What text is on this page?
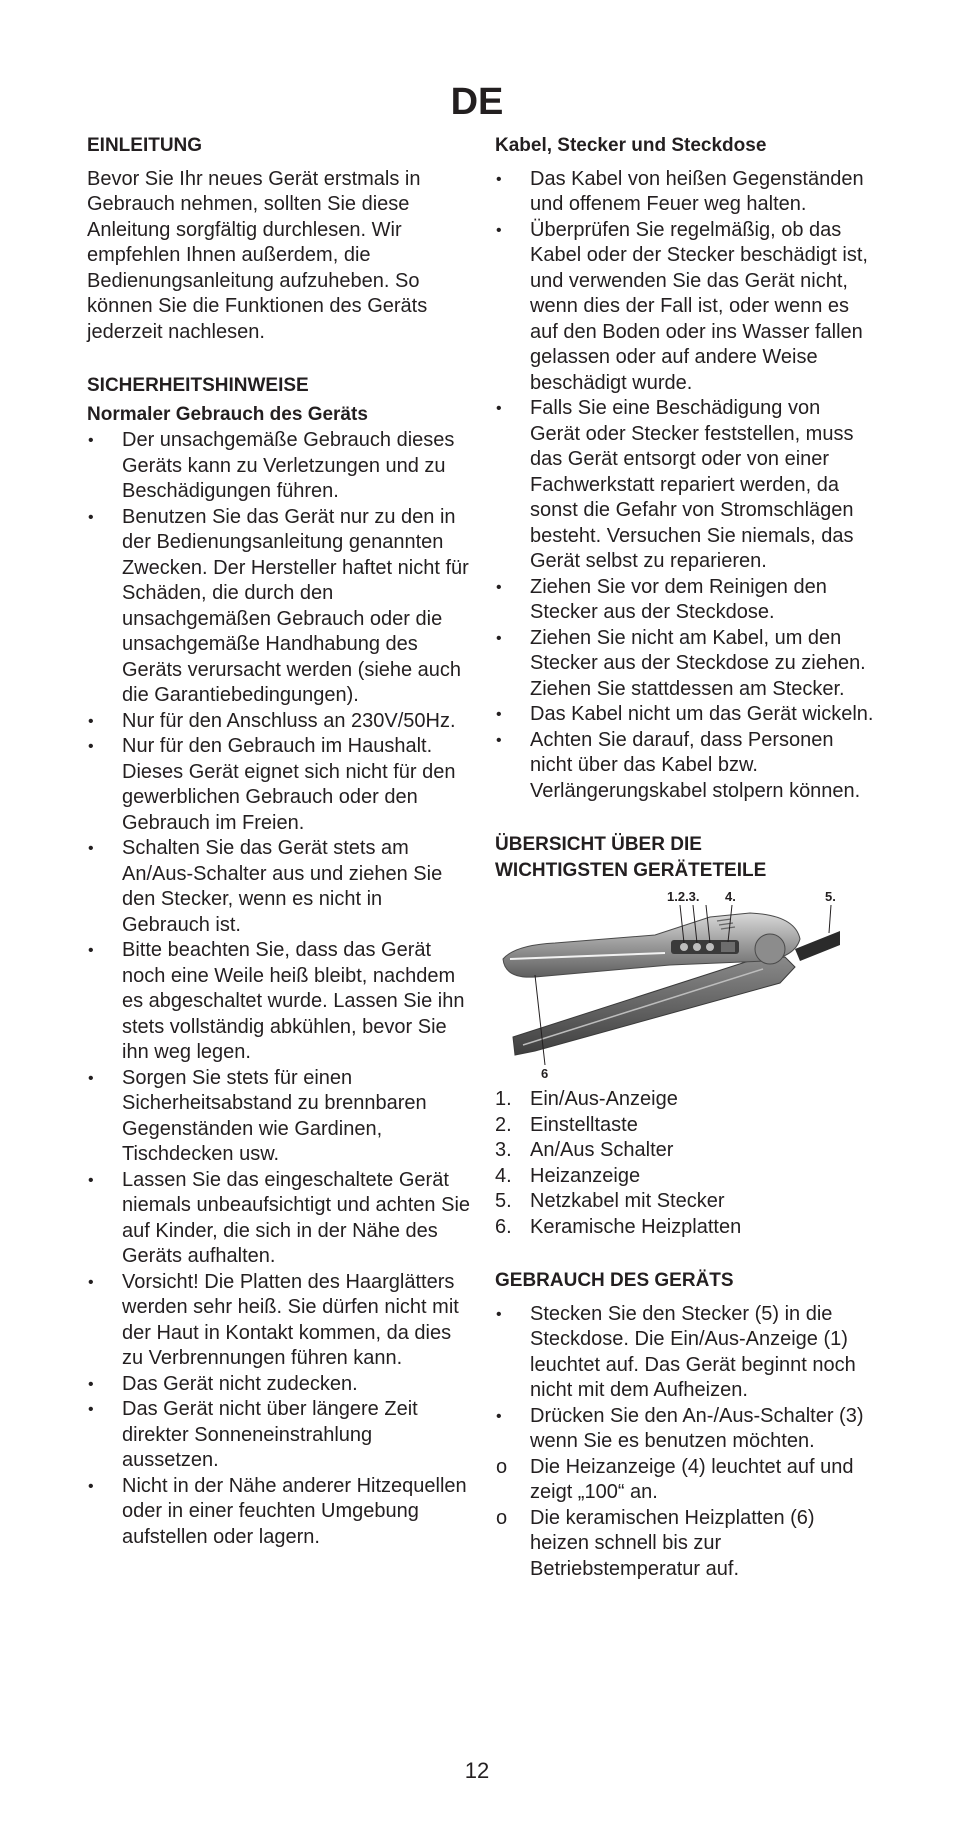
DE
EINLEITUNG

Bevor Sie Ihr neues Gerät erstmals in Gebrauch nehmen, sollten Sie diese Anleitung sorgfältig durchlesen. Wir empfehlen Ihnen außerdem, die Bedienungsanleitung aufzuheben. So können Sie die Funktionen des Geräts jederzeit nachlesen.

SICHERHEITSHINWEISE
Normaler Gebrauch des Geräts
•	Der unsachgemäße Gebrauch dieses Geräts kann zu Verletzungen und zu Beschädigungen führen.
•	Benutzen Sie das Gerät nur zu den in der Bedienungsanleitung genannten Zwecken. Der Hersteller haftet nicht für Schäden, die durch den unsachgemäßen Gebrauch oder die unsachgemäße Handhabung des Geräts verursacht werden (siehe auch die Garantiebedingungen).
•	Nur für den Anschluss an 230V/50Hz.
•	Nur für den Gebrauch im Haushalt. Dieses Gerät eignet sich nicht für den gewerblichen Gebrauch oder den Gebrauch im Freien.
•	Schalten Sie das Gerät stets am An/Aus-Schalter aus und ziehen Sie den Stecker, wenn es nicht in Gebrauch ist.
•	Bitte beachten Sie, dass das Gerät noch eine Weile heiß bleibt, nachdem es abgeschaltet wurde. Lassen Sie ihn stets vollständig abkühlen, bevor Sie ihn weg legen.
•	Sorgen Sie stets für einen Sicherheitsabstand zu brennbaren Gegenständen wie Gardinen, Tischdecken usw.
•	Lassen Sie das eingeschaltete Gerät niemals unbeaufsichtigt und achten Sie auf Kinder, die sich in der Nähe des Geräts aufhalten.
•	Vorsicht! Die Platten des Haarglätters werden sehr heiß. Sie dürfen nicht mit der Haut in Kontakt kommen, da dies zu Verbrennungen führen kann.
•	Das Gerät nicht zudecken.
•	Das Gerät nicht über längere Zeit direkter Sonneneinstrahlung aussetzen.
•	Nicht in der Nähe anderer Hitzequellen oder in einer feuchten Umgebung aufstellen oder lagern.
Kabel, Stecker und Steckdose
•	Das Kabel von heißen Gegenständen und offenem Feuer weg halten.
•	Überprüfen Sie regelmäßig, ob das Kabel oder der Stecker beschädigt ist, und verwenden Sie das Gerät nicht, wenn dies der Fall ist, oder wenn es auf den Boden oder ins Wasser fallen gelassen oder auf andere Weise beschädigt wurde.
•	Falls Sie eine Beschädigung von Gerät oder Stecker feststellen, muss das Gerät entsorgt oder von einer Fachwerkstatt repariert werden, da sonst die Gefahr von Stromschlägen besteht. Versuchen Sie niemals, das Gerät selbst zu reparieren.
•	Ziehen Sie vor dem Reinigen den Stecker aus der Steckdose.
•	Ziehen Sie nicht am Kabel, um den Stecker aus der Steckdose zu ziehen. Ziehen Sie stattdessen am Stecker.
•	Das Kabel nicht um das Gerät wickeln.
•	Achten Sie darauf, dass Personen nicht über das Kabel bzw. Verlängerungskabel stolpern können.
ÜBERSICHT ÜBER DIE
WICHTIGSTEN GERÄTETEILE
1.2.3. 4.	5.
6
1. Ein/Aus-Anzeige
2. Einstelltaste
3. An/Aus Schalter
4. Heizanzeige
5. Netzkabel mit Stecker
6. Keramische Heizplatten
GEBRAUCH DES GERÄTS
•	Stecken Sie den Stecker (5) in die Steckdose. Die Ein/Aus-Anzeige (1) leuchtet auf. Das Gerät beginnt noch nicht mit dem Aufheizen.
•	Drücken Sie den An-/Aus-Schalter (3) wenn Sie es benutzen möchten.
o	Die Heizanzeige (4) leuchtet auf und zeigt „100“ an.
o	Die keramischen Heizplatten (6) heizen schnell bis zur Betriebstemperatur auf.
12
